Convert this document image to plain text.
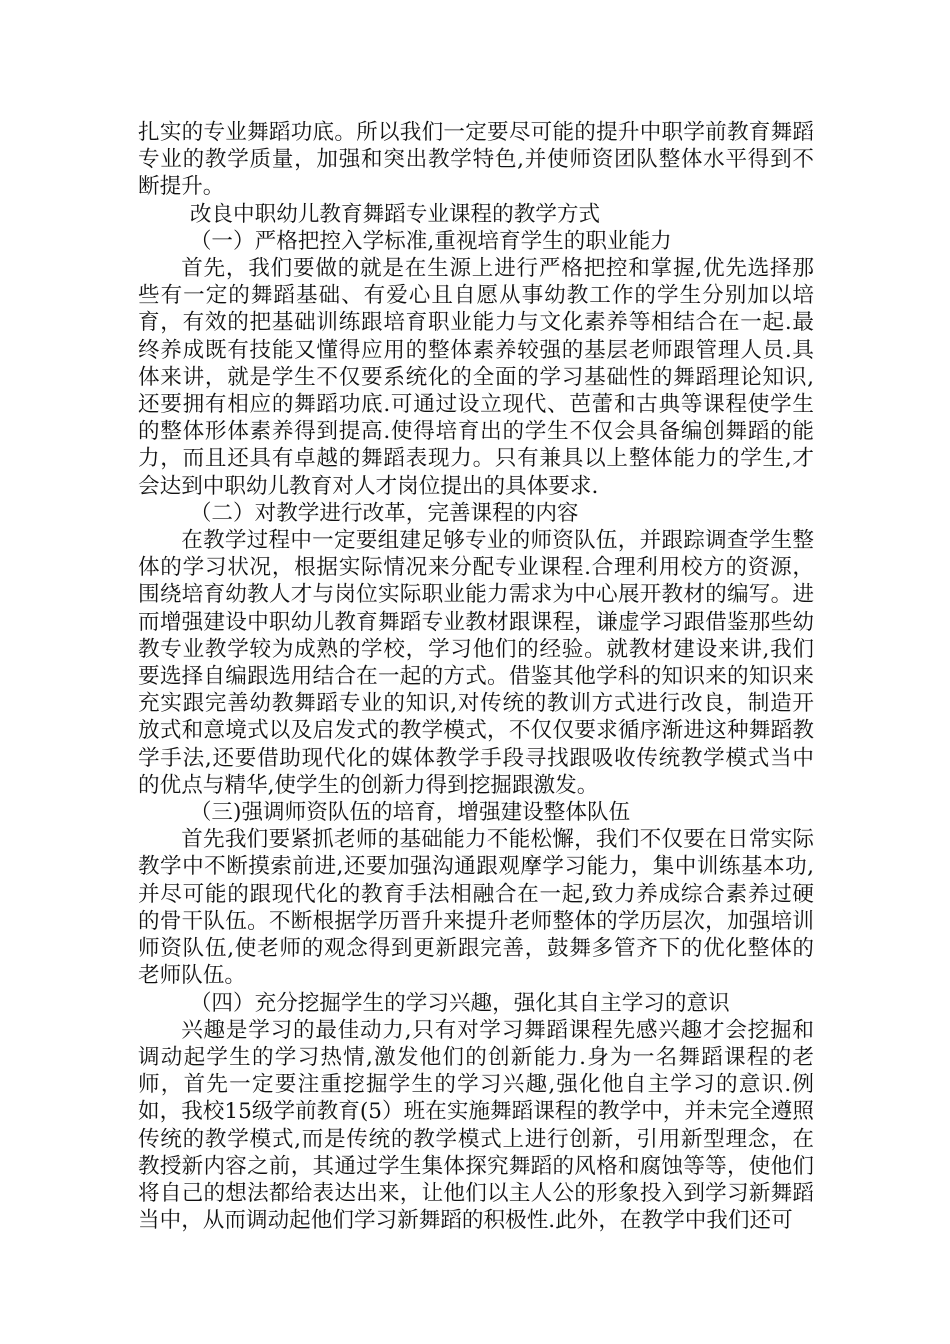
扎实的专业舞蹈功底。所以我们一定要尽可能的提升中职学前教育舞蹈专业的教学质量，加强和突出教学特色,并使师资团队整体水平得到不断提升。

改良中职幼儿教育舞蹈专业课程的教学方式

（一）严格把控入学标准,重视培育学生的职业能力

首先，我们要做的就是在生源上进行严格把控和掌握,优先选择那些有一定的舞蹈基础、有爱心且自愿从事幼教工作的学生分别加以培育，有效的把基础训练跟培育职业能力与文化素养等相结合在一起.最终养成既有技能又懂得应用的整体素养较强的基层老师跟管理人员.具体来讲，就是学生不仅要系统化的全面的学习基础性的舞蹈理论知识,还要拥有相应的舞蹈功底.可通过设立现代、芭蕾和古典等课程使学生的整体形体素养得到提高.使得培育出的学生不仅会具备编创舞蹈的能力，而且还具有卓越的舞蹈表现力。只有兼具以上整体能力的学生,才会达到中职幼儿教育对人才岗位提出的具体要求.

（二）对教学进行改革，完善课程的内容

在教学过程中一定要组建足够专业的师资队伍，并跟踪调查学生整体的学习状况，根据实际情况来分配专业课程.合理利用校方的资源，围绕培育幼教人才与岗位实际职业能力需求为中心展开教材的编写。进而增强建设中职幼儿教育舞蹈专业教材跟课程，谦虚学习跟借鉴那些幼教专业教学较为成熟的学校，学习他们的经验。就教材建设来讲,我们要选择自编跟选用结合在一起的方式。借鉴其他学科的知识来的知识来充实跟完善幼教舞蹈专业的知识,对传统的教训方式进行改良，制造开放式和意境式以及启发式的教学模式，不仅仅要求循序渐进这种舞蹈教学手法,还要借助现代化的媒体教学手段寻找跟吸收传统教学模式当中的优点与精华,使学生的创新力得到挖掘跟激发。

（三)强调师资队伍的培育，增强建设整体队伍

首先我们要紧抓老师的基础能力不能松懈，我们不仅要在日常实际教学中不断摸索前进,还要加强沟通跟观摩学习能力，集中训练基本功,并尽可能的跟现代化的教育手法相融合在一起,致力养成综合素养过硬的骨干队伍。不断根据学历晋升来提升老师整体的学历层次，加强培训师资队伍,使老师的观念得到更新跟完善，鼓舞多管齐下的优化整体的老师队伍。

（四）充分挖掘学生的学习兴趣，强化其自主学习的意识

兴趣是学习的最佳动力,只有对学习舞蹈课程先感兴趣才会挖掘和调动起学生的学习热情,激发他们的创新能力.身为一名舞蹈课程的老师，首先一定要注重挖掘学生的学习兴趣,强化他自主学习的意识.例如，我校15级学前教育(5）班在实施舞蹈课程的教学中，并未完全遵照传统的教学模式,而是传统的教学模式上进行创新，引用新型理念，在教授新内容之前，其通过学生集体探究舞蹈的风格和腐蚀等等，使他们将自己的想法都给表达出来，让他们以主人公的形象投入到学习新舞蹈当中，从而调动起他们学习新舞蹈的积极性.此外，在教学中我们还可
